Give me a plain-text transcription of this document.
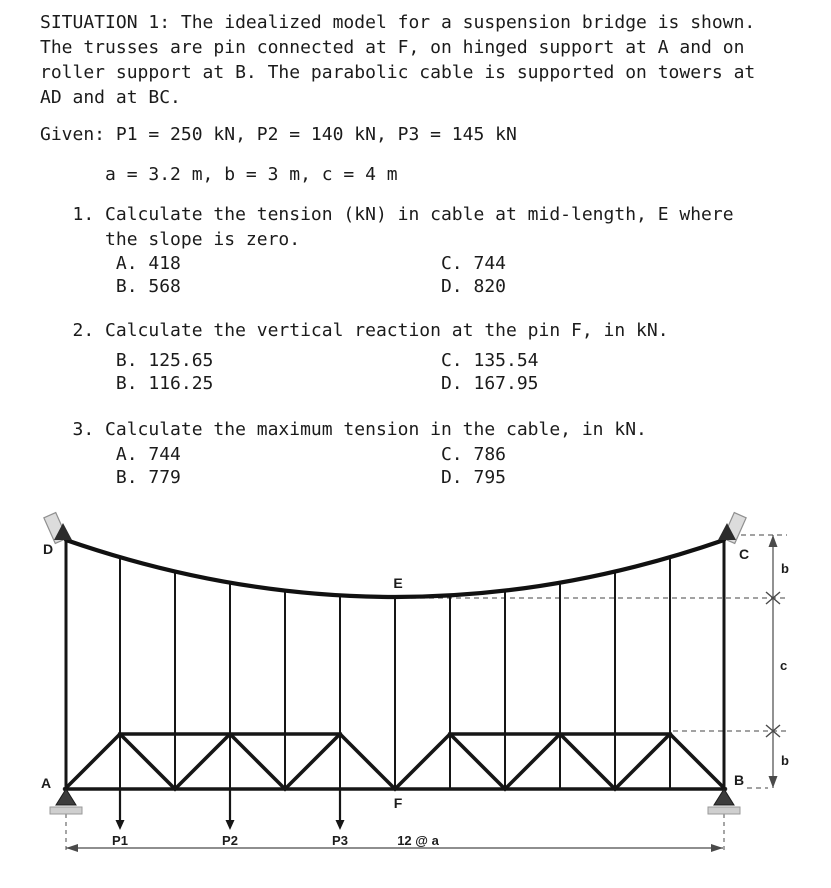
SITUATION 1: The idealized model for a suspension bridge is shown.
The trusses are pin connected at F, on hinged support at A and on
roller support at B. The parabolic cable is supported on towers at
AD and at BC.
Given: P1 = 250 kN, P2 = 140 kN, P3 = 145 kN
a = 3.2 m, b = 3 m, c = 4 m
1. Calculate the tension (kN) in cable at mid-length, E where
the slope is zero.
A. 418                        C. 744
B. 568                        D. 820
2. Calculate the vertical reaction at the pin F, in kN.
B. 125.65                     C. 135.54
B. 116.25                     D. 167.95
3. Calculate the maximum tension in the cable, in kN.
A. 744                        C. 786
B. 779                        D. 795
P1	P2	P3	12 @ a
b
c
b
D	C
E
A	B
F
